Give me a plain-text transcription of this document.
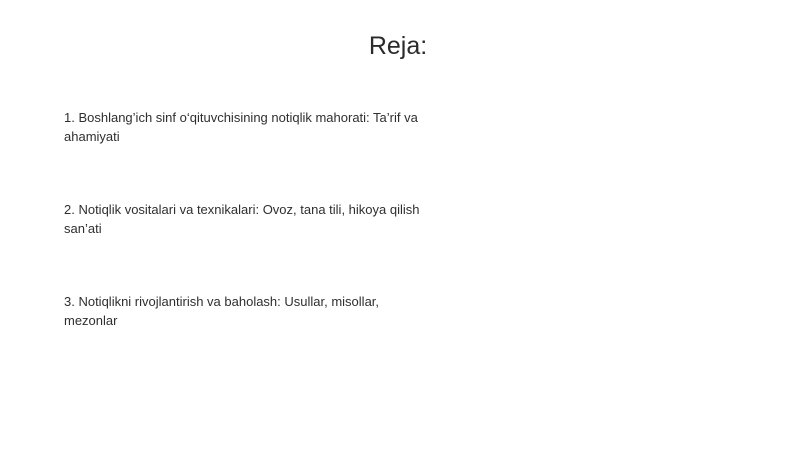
Reja:
1. Boshlang’ich sinf o‘qituvchisining notiqlik mahorati: Ta’rif va ahamiyati
2. Notiqlik vositalari va texnikalari: Ovoz, tana tili, hikoya qilish san’ati
3. Notiqlikni rivojlantirish va baholash: Usullar, misollar, mezonlar
